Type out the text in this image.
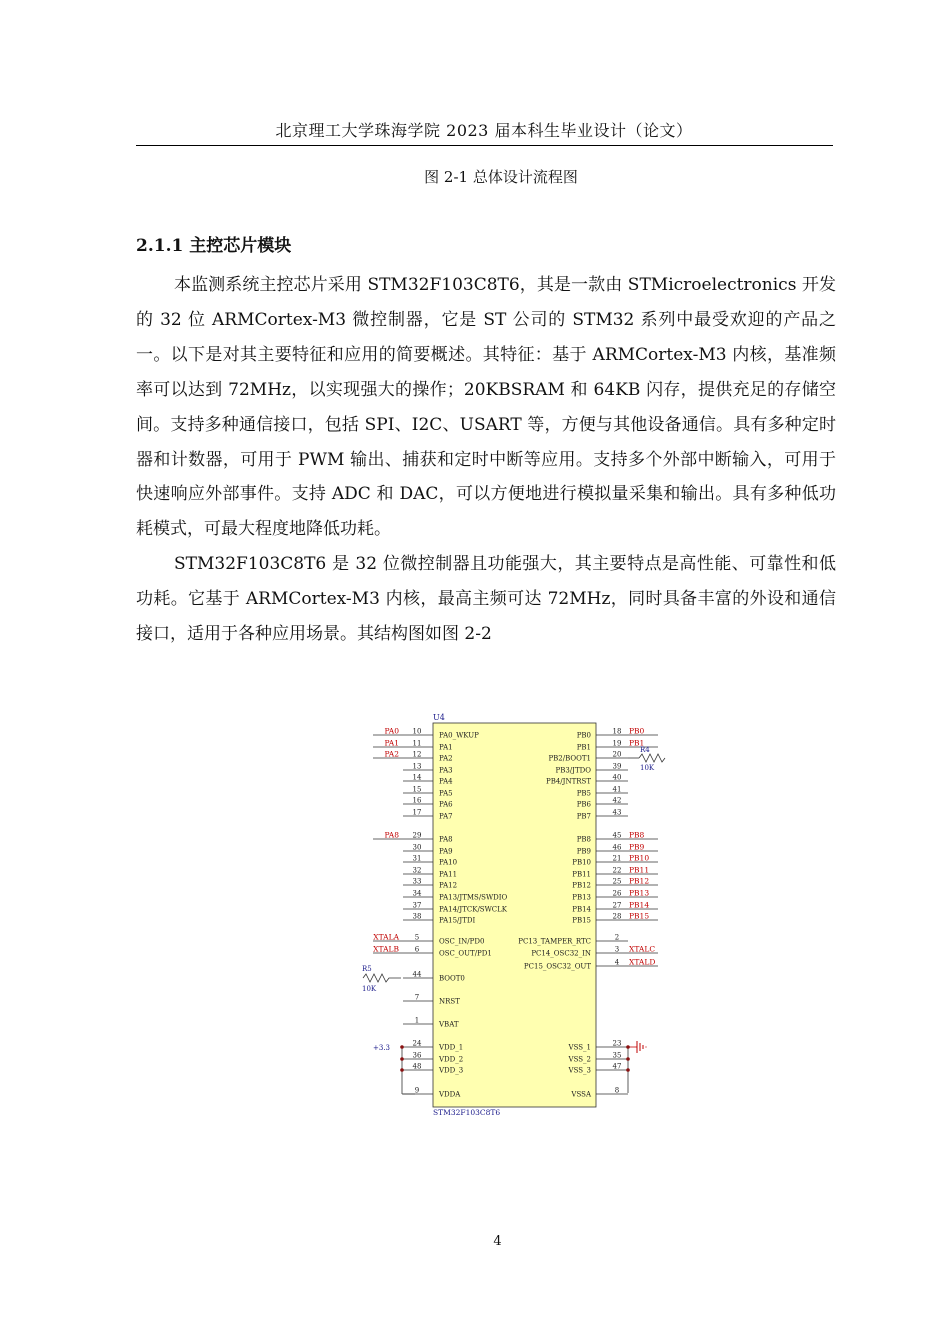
北京理工大学珠海学院 2023 届本科生毕业设计（论文）
图 2-1 总体设计流程图
2.1.1 主控芯片模块

本监测系统主控芯片采用 STM32F103C8T6，其是一款由 STMicroelectronics 开发的 32 位 ARMCortex-M3 微控制器，它是 ST 公司的 STM32 系列中最受欢迎的产品之一。以下是对其主要特征和应用的简要概述。其特征：基于 ARMCortex-M3 内核，基准频率可以达到 72MHz，以实现强大的操作；20KBSRAM 和 64KB 闪存，提供充足的存储空间。支持多种通信接口，包括 SPI、I2C、USART 等，方便与其他设备通信。具有多种定时器和计数器，可用于 PWM 输出、捕获和定时中断等应用。支持多个外部中断输入，可用于快速响应外部事件。支持 ADC 和 DAC，可以方便地进行模拟量采集和输出。具有多种低功耗模式，可最大程度地降低功耗。

STM32F103C8T6 是 32 位微控制器且功能强大，其主要特点是高性能、可靠性和低功耗。它基于 ARMCortex-M3 内核，最高主频可达 72MHz，同时具备丰富的外设和通信接口，适用于各种应用场景。其结构图如图 2-2

U4
STM32F103C8T6
10	PA0_WKUP
PA0
11	PA1
PA1
12	PA2
PA2
13	PA3
14	PA4
15	PA5
16	PA6
17	PA7
29	PA8
PA8
30	PA9
31	PA10
32	PA11
33	PA12
34	PA13/JTMS/SWDIO
37	PA14/JTCK/SWCLK
38	PA15/JTDI
5	OSC_IN/PD0
XTALA
6	OSC_OUT/PD1
XTALB
44	BOOT0
7	NRST
1	VBAT
24	VDD_1
36	VDD_2
48	VDD_3
9	VDDA
18
PB0	PB0
19
PB1	PB1
20
PB2/BOOT1
39
PB3/JTDO
40
PB4/JNTRST
41
PB5
42
PB6
43
PB7
45
PB8	PB8
46
PB9	PB9
21
PB10	PB10
22
PB11	PB11
25
PB12	PB12
26
PB13	PB13
27
PB14	PB14
28
PB15	PB15
2
PC13_TAMPER_RTC
3
PC14_OSC32_IN	XTALC
4
PC15_OSC32_OUT	XTALD
23
VSS_1
35
VSS_2
47
VSS_3
8
VSSA
R4
10K
R5
10K
+3.3
4
